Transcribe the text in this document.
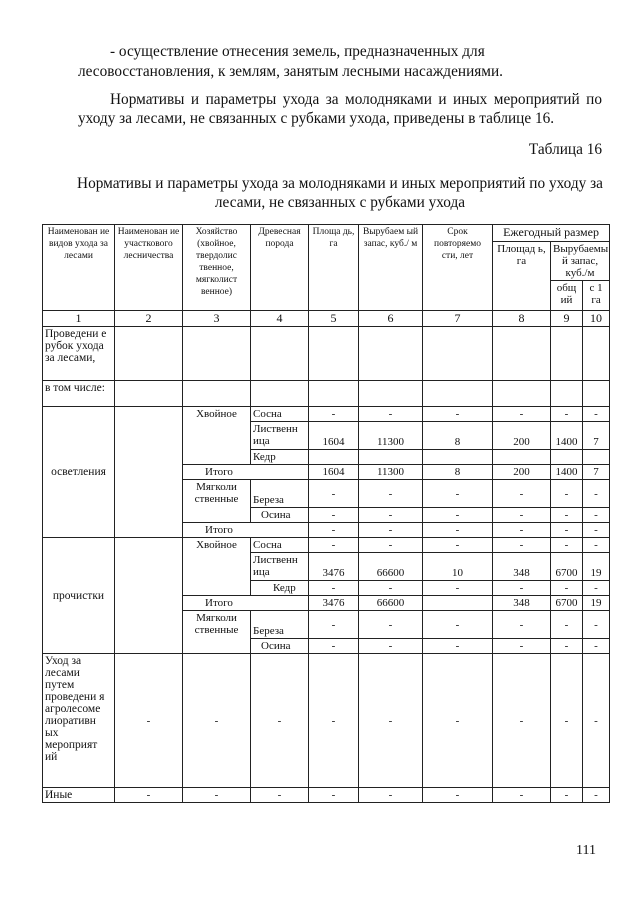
- осуществление отнесения земель, предназначенных для
лесовосстановления, к землям, занятым лесными насаждениями.
Нормативы и параметры ухода за молодняками и иных мероприятий по
уходу за лесами, не связанных с рубками ухода, приведены в таблице 16.
Таблица 16
Нормативы и параметры ухода за молодняками и иных мероприятий по уходу за лесами, не связанных с рубками ухода
Наименован ие видов ухода за лесами	Наименован ие участкового лесничества	Хозяйство (хвойное, твердолис твенное, мягколист венное)	Древесная порода	Площа дь, га	Вырубаем ый запас, куб./ м	Срок повторяемо сти, лет	Ежегодный размер		
							Площад ь, га	Вырубаемы й запас, куб./м	
								общ ий	с 1 га
1	2	3	4	5	6	7	8	9	10
Проведени е рубок ухода за лесами,									
в том числе:									
осветления		Хвойное	Сосна	-	-	-	-	-	-
			Лиственн ица	1604	11300	8	200	1400	7
			Кедр						
		Итого		1604	11300	8	200	1400	7
		Мягколи ственные	Береза	-	-	-	-	-	-
			Осина	-	-	-	-	-	-
		Итого		-	-	-	-	-	-
прочистки		Хвойное	Сосна	-	-	-	-	-	-
			Лиственн ица	3476	66600	10	348	6700	19
			Кедр	-	-	-	-	-	-
		Итого		3476	66600		348	6700	19
		Мягколи ственные	Береза	-	-	-	-	-	-
			Осина	-	-	-	-	-	-
Уход за лесами путем проведени я агролесоме лиоративн ых мероприят ий	-	-	-	-	-	-	-	-	-
Иные	-	-	-	-	-	-	-	-	-
111
